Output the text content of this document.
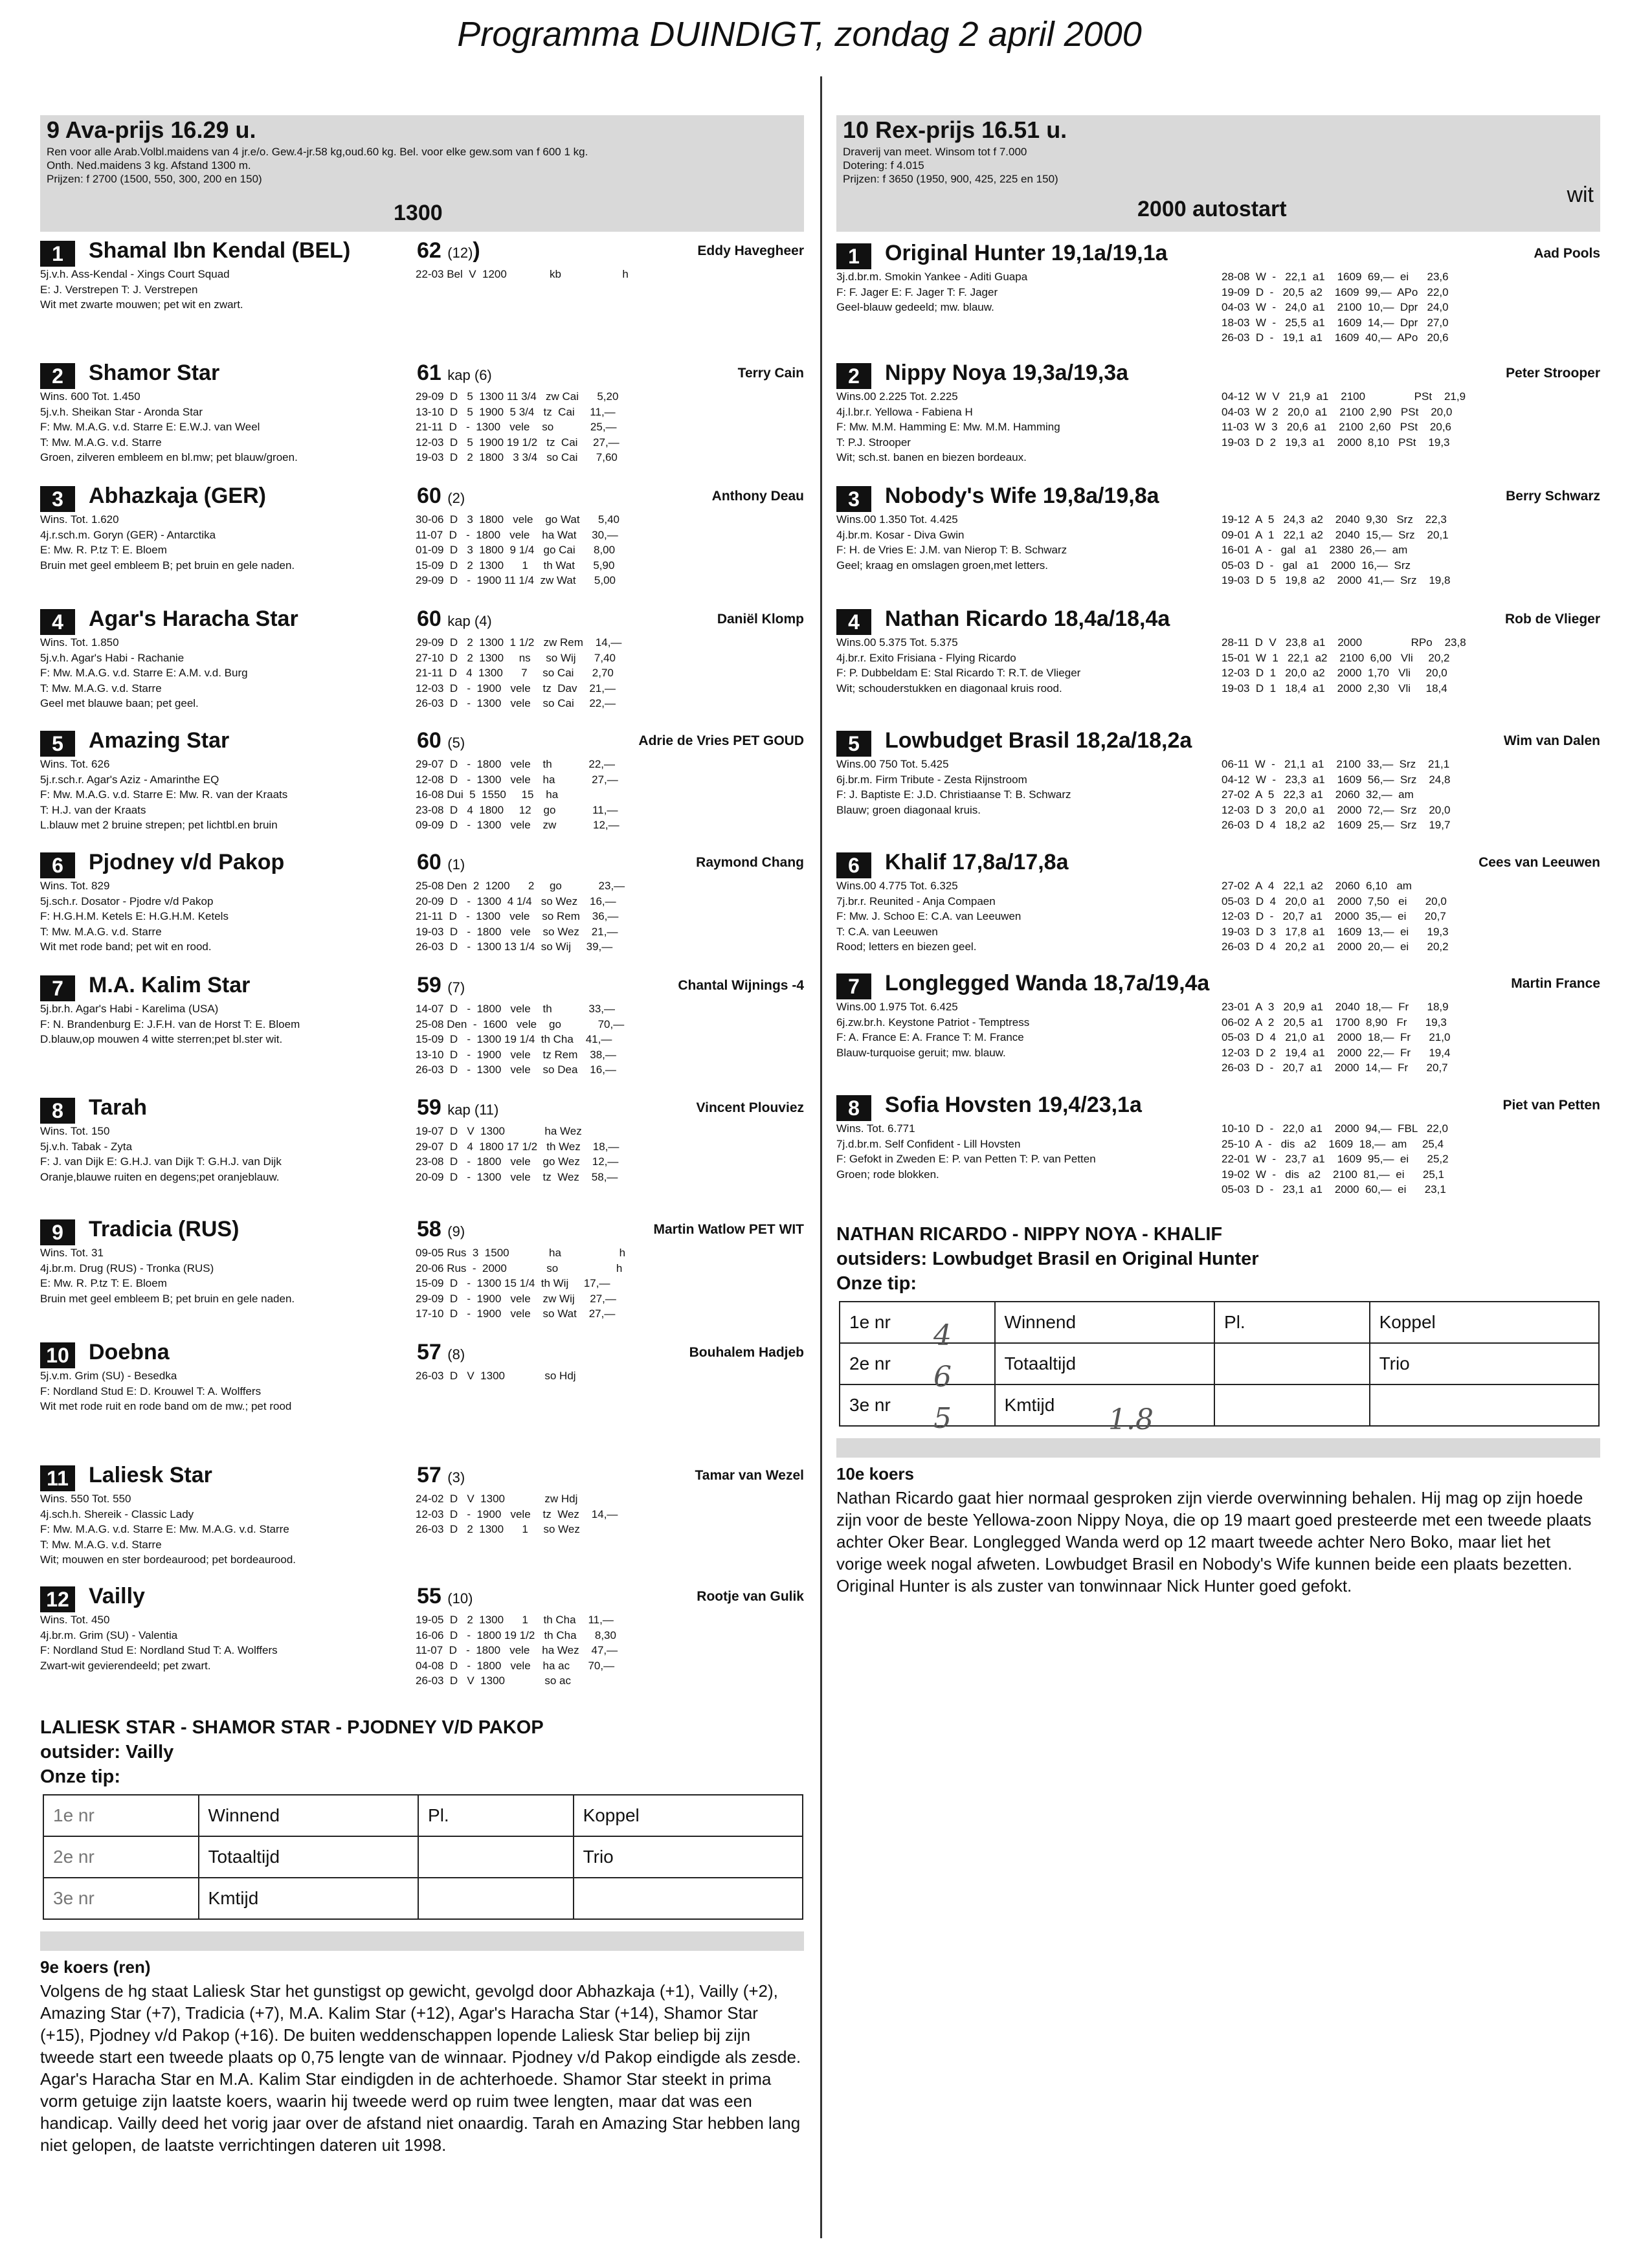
Programma DUINDIGT, zondag 2 april 2000
9 Ava-prijs 16.29 u.
Ren voor alle Arab.Volbl.maidens van 4 jr.e/o. Gew.4-jr.58 kg,oud.60 kg. Bel. voor elke gew.som van f 600 1 kg.
Onth. Ned.maidens 3 kg. Afstand 1300 m.
Prijzen: f 2700 (1500, 550, 300, 200 en 150)
1300
1	Shamal Ibn Kendal (BEL)	62 (12))	Eddy Havegheer
5j.v.h. Ass-Kendal - Xings Court Squad
E: J. Verstrepen T: J. Verstrepen
Wit met zwarte mouwen; pet wit en zwart.
22-03 Bel  V  1200              kb                    h
2	Shamor Star	61 kap (6)	Terry Cain
Wins. 600 Tot. 1.450
5j.v.h. Sheikan Star - Aronda Star
F: Mw. M.A.G. v.d. Starre E: E.W.J. van Weel
T: Mw. M.A.G. v.d. Starre
Groen, zilveren embleem en bl.mw; pet blauw/groen.
29-09  D   5  1300 11 3/4   zw Cai      5,20
13-10  D   5  1900  5 3/4   tz  Cai     11,—
21-11  D   -  1300   vele    so            25,—
12-03  D   5  1900 19 1/2   tz  Cai     27,—
19-03  D   2  1800   3 3/4   so Cai      7,60
3	Abhazkaja (GER)	60 (2)	Anthony Deau
Wins. Tot. 1.620
4j.r.sch.m. Goryn (GER) - Antarctika
E: Mw. R. P.tz T: E. Bloem
Bruin met geel embleem B; pet bruin en gele naden.
30-06  D   3  1800   vele    go Wat      5,40
11-07  D   -  1800   vele    ha Wat     30,—
01-09  D   3  1800  9 1/4   go Cai      8,00
15-09  D   2  1300      1     th Wat      5,90
29-09  D   -  1900 11 1/4  zw Wat      5,00
4	Agar's Haracha Star	60 kap (4)	Daniël Klomp
Wins. Tot. 1.850
5j.v.h. Agar's Habi - Rachanie
F: Mw. M.A.G. v.d. Starre E: A.M. v.d. Burg
T: Mw. M.A.G. v.d. Starre
Geel met blauwe baan; pet geel.
29-09  D   2  1300  1 1/2   zw Rem    14,—
27-10  D   2  1300     ns     so Wij      7,40
21-11  D   4  1300      7     so Cai      2,70
12-03  D   -  1900   vele    tz  Dav    21,—
26-03  D   -  1300   vele    so Cai     22,—
5	Amazing Star	60 (5)	Adrie de Vries PET GOUD
Wins. Tot. 626
5j.r.sch.r. Agar's Aziz - Amarinthe EQ
F: Mw. M.A.G. v.d. Starre E: Mw. R. van der Kraats
T: H.J. van der Kraats
L.blauw met 2 bruine strepen; pet lichtbl.en bruin
29-07  D   -  1800   vele    th            22,—
12-08  D   -  1300   vele    ha            27,—
16-08 Dui  5  1550     15    ha
23-08  D   4  1800     12    go            11,—
09-09  D   -  1300   vele    zw            12,—
6	Pjodney v/d Pakop	60 (1)	Raymond Chang
Wins. Tot. 829
5j.sch.r. Dosator - Pjodre v/d Pakop
F: H.G.H.M. Ketels E: H.G.H.M. Ketels
T: Mw. M.A.G. v.d. Starre
Wit met rode band; pet wit en rood.
25-08 Den  2  1200      2     go            23,—
20-09  D   -  1300  4 1/4   so Wez    16,—
21-11  D   -  1300   vele    so Rem    36,—
19-03  D   -  1800   vele    so Wez    21,—
26-03  D   -  1300 13 1/4  so Wij     39,—
7	M.A. Kalim Star	59 (7)	Chantal Wijnings -4
5j.br.h. Agar's Habi - Karelima (USA)
F: N. Brandenburg E: J.F.H. van de Horst T: E. Bloem
D.blauw,op mouwen 4 witte sterren;pet bl.ster wit.
14-07  D   -  1800   vele    th            33,—
25-08 Den  -  1600   vele    go            70,—
15-09  D   -  1300 19 1/4  th Cha    41,—
13-10  D   -  1900   vele    tz Rem    38,—
26-03  D   -  1300   vele    so Dea    16,—
8	Tarah	59 kap (11)	Vincent Plouviez
Wins. Tot. 150
5j.v.h. Tabak - Zyta
F: J. van Dijk E: G.H.J. van Dijk T: G.H.J. van Dijk
Oranje,blauwe ruiten en degens;pet oranjeblauw.
19-07  D   V  1300             ha Wez
29-07  D   4  1800 17 1/2   th Wez    18,—
23-08  D   -  1800   vele    go Wez    12,—
20-09  D   -  1300   vele    tz  Wez    58,—
9	Tradicia (RUS)	58 (9)	Martin Watlow PET WIT
Wins. Tot. 31
4j.br.m. Drug (RUS) - Tronka (RUS)
E: Mw. R. P.tz T: E. Bloem
Bruin met geel embleem B; pet bruin en gele naden.
09-05 Rus  3  1500             ha                   h
20-06 Rus  -  2000             so                   h
15-09  D   -  1300 15 1/4  th Wij     17,—
29-09  D   -  1900   vele    zw Wij     27,—
17-10  D   -  1900   vele    so Wat    27,—
10 Doebna	57 (8)	Bouhalem Hadjeb
5j.v.m. Grim (SU) - Besedka
F: Nordland Stud E: D. Krouwel T: A. Wolffers
Wit met rode ruit en rode band om de mw.; pet rood
26-03  D   V  1300             so Hdj
11 Laliesk Star	57 (3)	Tamar van Wezel
Wins. 550 Tot. 550
4j.sch.h. Shereik - Classic Lady
F: Mw. M.A.G. v.d. Starre E: Mw. M.A.G. v.d. Starre
T: Mw. M.A.G. v.d. Starre
Wit; mouwen en ster bordeaurood; pet bordeaurood.
24-02  D   V  1300             zw Hdj
12-03  D   -  1900   vele    tz  Wez    14,—
26-03  D   2  1300      1     so Wez
12 Vailly	55 (10)	Rootje van Gulik
Wins. Tot. 450
4j.br.m. Grim (SU) - Valentia
F: Nordland Stud E: Nordland Stud T: A. Wolffers
Zwart-wit gevierendeeld; pet zwart.
19-05  D   2  1300      1     th Cha    11,—
16-06  D   -  1800 19 1/2   th Cha      8,30
11-07  D   -  1800   vele    ha Wez    47,—
04-08  D   -  1800   vele    ha ac      70,—
26-03  D   V  1300             so ac
LALIESK STAR - SHAMOR STAR - PJODNEY V/D PAKOP
outsider: Vailly
Onze tip:
1e nr	Winnend	Pl.	Koppel
2e nr	Totaaltijd		Trio
3e nr	Kmtijd		
9e koers (ren)
Volgens de hg staat Laliesk Star het gunstigst op gewicht, gevolgd door Abhazkaja (+1), Vailly (+2), Amazing Star (+7), Tradicia (+7), M.A. Kalim Star (+12), Agar's Haracha Star (+14), Shamor Star (+15), Pjodney v/d Pakop (+16). De buiten weddenschappen lopende Laliesk Star beliep bij zijn tweede start een tweede plaats op 0,75 lengte van de winnaar. Pjodney v/d Pakop eindigde als zesde. Agar's Haracha Star en M.A. Kalim Star eindigden in de achterhoede. Shamor Star steekt in prima vorm getuige zijn laatste koers, waarin hij tweede werd op ruim twee lengten, maar dat was een handicap. Vailly deed het vorig jaar over de afstand niet onaardig. Tarah en Amazing Star hebben lang niet gelopen, de laatste verrichtingen dateren uit 1998.
10 Rex-prijs 16.51 u.
Draverij van meet. Winsom tot f 7.000
Dotering: f 4.015
Prijzen: f 3650 (1950, 900, 425, 225 en 150)
2000 autostart
wit
1	Original Hunter 19,1a/19,1a	Aad Pools
3j.d.br.m. Smokin Yankee - Aditi Guapa
F: F. Jager E: F. Jager T: F. Jager
Geel-blauw gedeeld; mw. blauw.
28-08  W  -   22,1  a1    1609  69,—  ei      23,6
19-09  D  -   20,5  a2    1609  99,—  APo   22,0
04-03  W  -   24,0  a1    2100  10,—  Dpr   24,0
18-03  W  -   25,5  a1    1609  14,—  Dpr   27,0
26-03  D  -   19,1  a1    1609  40,—  APo   20,6
2	Nippy Noya 19,3a/19,3a	Peter Strooper
Wins.00 2.225 Tot. 2.225
4j.l.br.r. Yellowa - Fabiena H
F: Mw. M.M. Hamming E: Mw. M.M. Hamming
T: P.J. Strooper
Wit; sch.st. banen en biezen bordeaux.
04-12  W  V   21,9  a1    2100                PSt    21,9
04-03  W  2   20,0  a1    2100  2,90   PSt    20,0
11-03  W  3   20,6  a1    2100  2,60   PSt    20,6
19-03  D  2   19,3  a1    2000  8,10   PSt    19,3
3	Nobody's Wife 19,8a/19,8a	Berry Schwarz
Wins.00 1.350 Tot. 4.425
4j.br.m. Kosar - Diva Gwin
F: H. de Vries E: J.M. van Nierop T: B. Schwarz
Geel; kraag en omslagen groen,met letters.
19-12  A  5   24,3  a2    2040  9,30   Srz    22,3
09-01  A  1   22,1  a2    2040  15,—  Srz    20,1
16-01  A  -   gal   a1    2380  26,—  am
05-03  D  -   gal   a1    2000  16,—  Srz
19-03  D  5   19,8  a2    2000  41,—  Srz    19,8
4	Nathan Ricardo 18,4a/18,4a	Rob de Vlieger
Wins.00 5.375 Tot. 5.375
4j.br.r. Exito Frisiana - Flying Ricardo
F: P. Dubbeldam E: Stal Ricardo T: R.T. de Vlieger
Wit; schouderstukken en diagonaal kruis rood.
28-11  D  V   23,8  a1    2000                RPo    23,8
15-01  W  1   22,1  a2    2100  6,00   Vli     20,2
12-03  D  1   20,0  a2    2000  1,70   Vli     20,0
19-03  D  1   18,4  a1    2000  2,30   Vli     18,4
5	Lowbudget Brasil 18,2a/18,2a	Wim van Dalen
Wins.00 750 Tot. 5.425
6j.br.m. Firm Tribute - Zesta Rijnstroom
F: J. Baptiste E: J.D. Christiaanse T: B. Schwarz
Blauw; groen diagonaal kruis.
06-11  W  -   21,1  a1    2100  33,—  Srz    21,1
04-12  W  -   23,3  a1    1609  56,—  Srz    24,8
27-02  A  5   22,3  a1    2060  32,—  am
12-03  D  3   20,0  a1    2000  72,—  Srz    20,0
26-03  D  4   18,2  a2    1609  25,—  Srz    19,7
6	Khalif 17,8a/17,8a	Cees van Leeuwen
Wins.00 4.775 Tot. 6.325
7j.br.r. Reunited - Anja Compaen
F: Mw. J. Schoo E: C.A. van Leeuwen
T: C.A. van Leeuwen
Rood; letters en biezen geel.
27-02  A  4   22,1  a2    2060  6,10   am
05-03  D  4   20,0  a1    2000  7,50   ei      20,0
12-03  D  -   20,7  a1    2000  35,—  ei      20,7
19-03  D  3   17,8  a1    1609  13,—  ei      19,3
26-03  D  4   20,2  a1    2000  20,—  ei      20,2
7	Longlegged Wanda 18,7a/19,4a	Martin France
Wins.00 1.975 Tot. 6.425
6j.zw.br.h. Keystone Patriot - Temptress
F: A. France E: A. France T: M. France
Blauw-turquoise geruit; mw. blauw.
23-01  A  3   20,9  a1    2040  18,—  Fr      18,9
06-02  A  2   20,5  a1    1700  8,90   Fr      19,3
05-03  D  4   21,0  a1    2000  18,—  Fr      21,0
12-03  D  2   19,4  a1    2000  22,—  Fr      19,4
26-03  D  -   20,7  a1    2000  14,—  Fr      20,7
8	Sofia Hovsten 19,4/23,1a	Piet van Petten
Wins. Tot. 6.771
7j.d.br.m. Self Confident - Lill Hovsten
F: Gefokt in Zweden E: P. van Petten T: P. van Petten
Groen; rode blokken.
10-10  D  -   22,0  a1    2000  94,—  FBL   22,0
25-10  A  -   dis   a2    1609  18,—  am     25,4
22-01  W  -   23,7  a1    1609  95,—  ei      25,2
19-02  W  -   dis   a2    2100  81,—  ei      25,1
05-03  D  -   23,1  a1    2000  60,—  ei      23,1
NATHAN RICARDO - NIPPY NOYA - KHALIF
outsiders: Lowbudget Brasil en Original Hunter
Onze tip:
1e nr	Winnend	Pl.	Koppel
2e nr	Totaaltijd		Trio
3e nr	Kmtijd		
10e koers
Nathan Ricardo gaat hier normaal gesproken zijn vierde overwinning behalen. Hij mag op zijn hoede zijn voor de beste Yellowa-zoon Nippy Noya, die op 19 maart goed presteerde met een tweede plaats achter Oker Bear. Longlegged Wanda werd op 12 maart tweede achter Nero Boko, maar liet het vorige week nogal afweten. Lowbudget Brasil en Nobody's Wife kunnen beide een plaats bezetten. Original Hunter is als zuster van tonwinnaar Nick Hunter goed gefokt.
4
6
5	1.8
